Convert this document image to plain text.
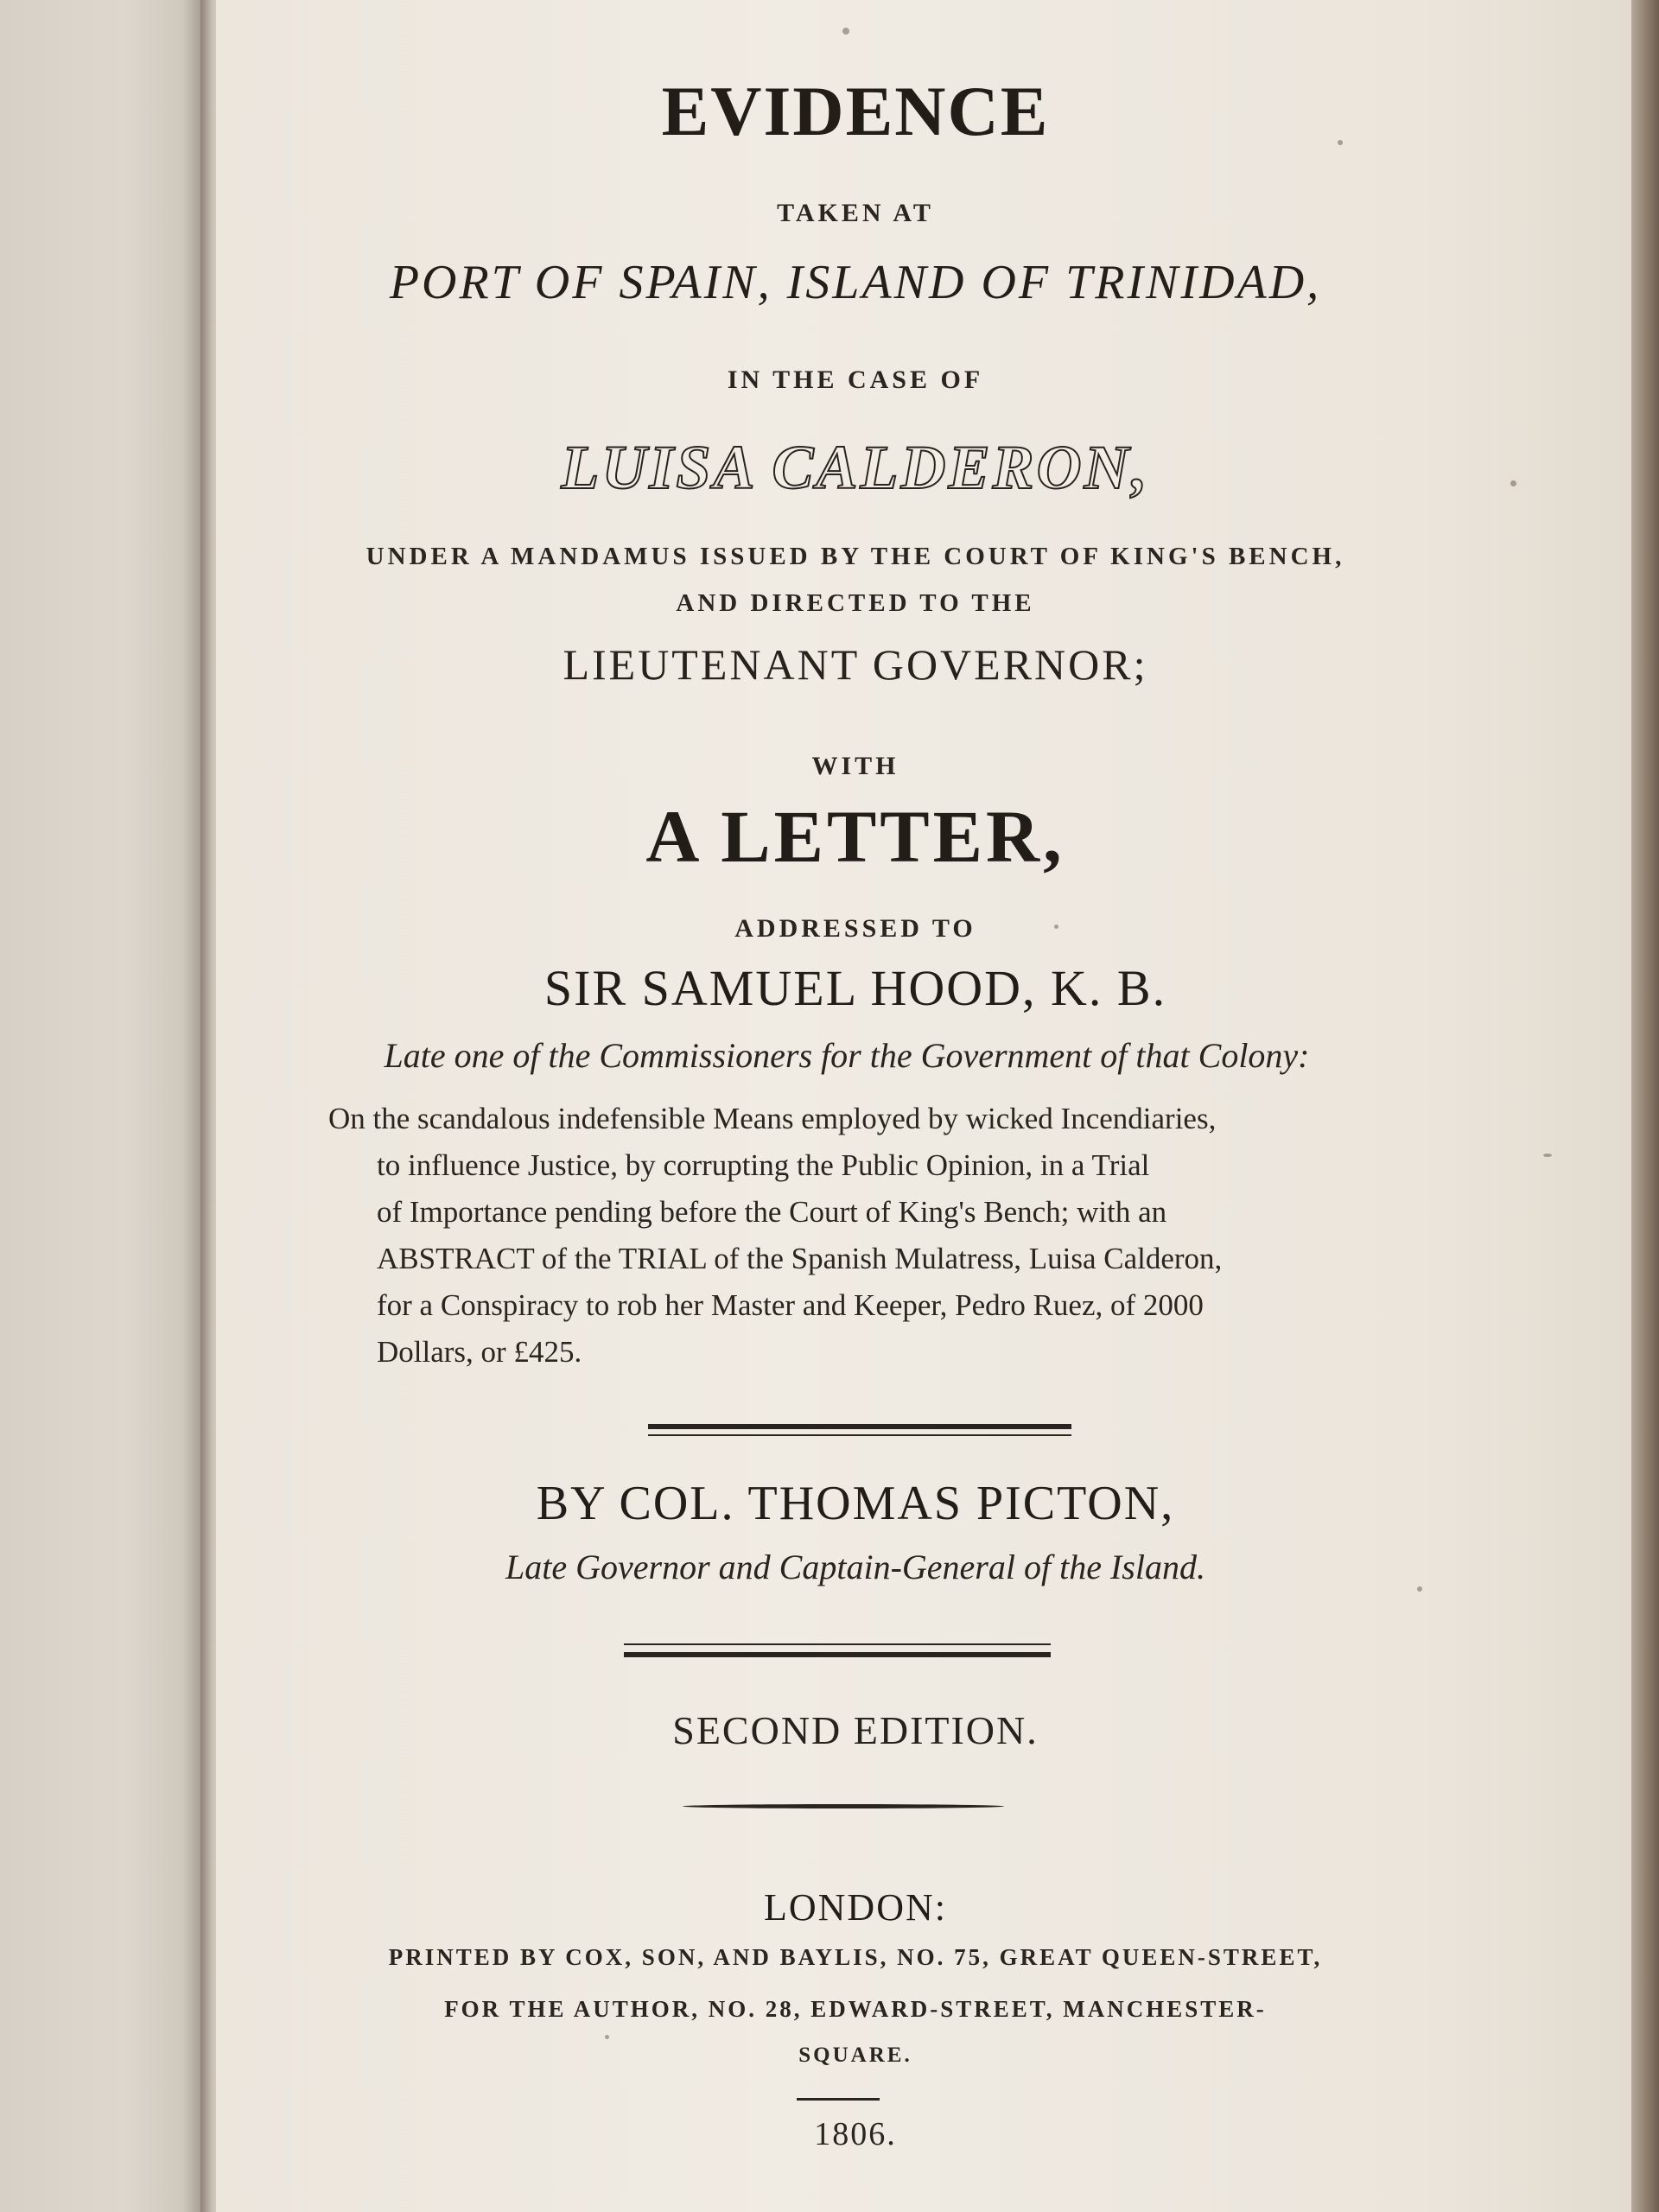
EVIDENCE
TAKEN AT
PORT OF SPAIN, ISLAND OF TRINIDAD,
IN THE CASE OF
LUISA CALDERON,
UNDER A MANDAMUS ISSUED BY THE COURT OF KING'S BENCH,
AND DIRECTED TO THE
LIEUTENANT GOVERNOR;
WITH
A LETTER,
ADDRESSED TO
SIR SAMUEL HOOD, K. B.
Late one of the Commissioners for the Government of that Colony:
On the scandalous indefensible Means employed by wicked Incendiaries,
to influence Justice, by corrupting the Public Opinion, in a Trial
of Importance pending before the Court of King's Bench; with an
ABSTRACT of the TRIAL of the Spanish Mulatress, Luisa Calderon,
for a Conspiracy to rob her Master and Keeper, Pedro Ruez, of 2000
Dollars, or £425.
BY COL. THOMAS PICTON,
Late Governor and Captain-General of the Island.
SECOND EDITION.
LONDON:
PRINTED BY COX, SON, AND BAYLIS, NO. 75, GREAT QUEEN-STREET,
FOR THE AUTHOR, NO. 28, EDWARD-STREET, MANCHESTER-
SQUARE.
1806.
